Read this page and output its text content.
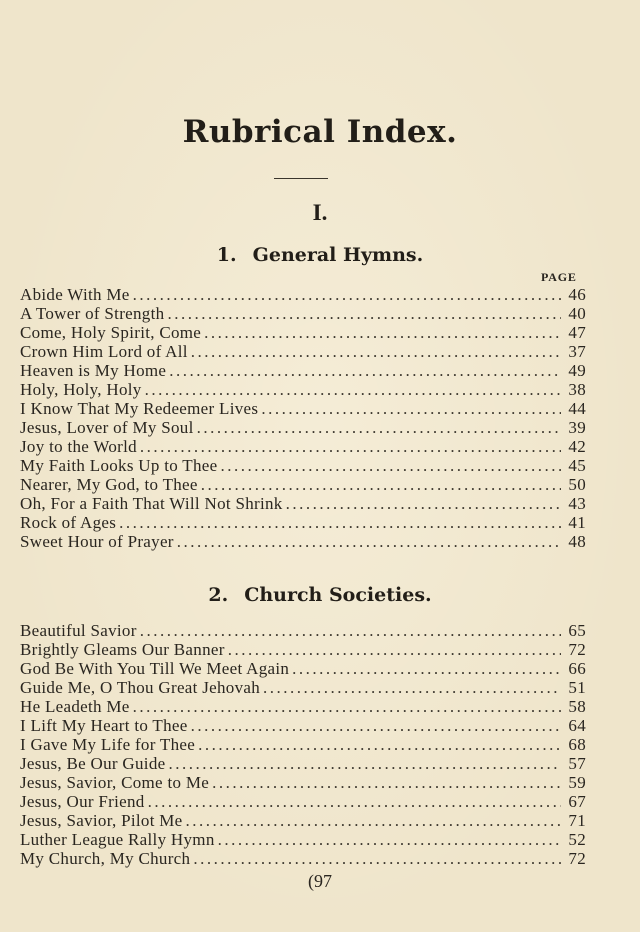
Rubrical Index.
I.
1. General Hymns.
PAGE
Abide With Me .....	46
A Tower of Strength .....	40
Come, Holy Spirit, Come .....	47
Crown Him Lord of All .....	37
Heaven is My Home .....	49
Holy, Holy, Holy .....	38
I Know That My Redeemer Lives .....	44
Jesus, Lover of My Soul .....	39
Joy to the World .....	42
My Faith Looks Up to Thee .....	45
Nearer, My God, to Thee .....	50
Oh, For a Faith That Will Not Shrink .....	43
Rock of Ages .....	41
Sweet Hour of Prayer .....	48
2. Church Societies.
Beautiful Savior .....	65
Brightly Gleams Our Banner .....	72
God Be With You Till We Meet Again .....	66
Guide Me, O Thou Great Jehovah .....	51
He Leadeth Me .....	58
I Lift My Heart to Thee .....	64
I Gave My Life for Thee .....	68
Jesus, Be Our Guide .....	57
Jesus, Savior, Come to Me .....	59
Jesus, Our Friend .....	67
Jesus, Savior, Pilot Me .....	71
Luther League Rally Hymn .....	52
My Church, My Church .....	72
(97
